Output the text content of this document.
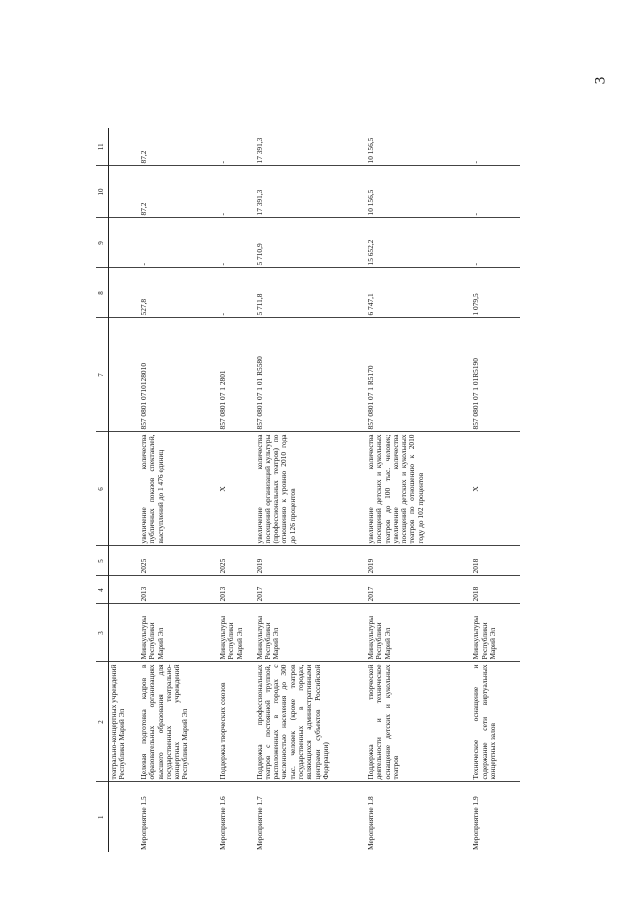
3
1	2	3	4	5	6	7	8	9	10	11
	театрально-концертных учреждений Республики Марий Эл									
Мероприятие 1.5	Целевая подготовка кадров в образовательных организациях высшего образования для государственных театрально-концертных учреждений Республики Марий Эл	Минкультуры Республики Марий Эл	2013	2025	увеличение количества публичных показов спектаклей, выступлений до 1 476 единиц	857 0801 0710128010	527,8	-	87,2	87,2
Мероприятие 1.6	Поддержка творческих союзов	Минкультуры Республики Марий Эл	2013	2025	X	857 0801 07 1 2801	-	-	-	-
Мероприятие 1.7	Поддержка профессиональных театров с постоянной труппой, расположенных в городах с численностью населения до 300 тыс. человек (кроме театров государственных в городах, являющихся административными центрами субъектов Российской Федерации)	Минкультуры Республики Марий Эл	2017	2019	увеличение количества посещений организаций культуры (профессиональных театров) по отношению к уровню 2010 года до 126 процентов	857 0801 07 1 01 R5580	5 711,8	5 710,9	17 391,3	17 391,3
Мероприятие 1.8	Поддержка творческой деятельности и техническое оснащение детских и кукольных театров	Минкультуры Республики Марий Эл	2017	2019	увеличение количества посещений детских и кукольных театров до 100 тыс. человек; увеличение количества посещений детских и кукольных театров по отношению к 2010 году до 102 процентов	857 0801 07 1 R5170	6 747,1	15 652,2	10 156,5	10 156,5
Мероприятие 1.9	Техническое оснащение и содержание сети виртуальных концертных залов	Минкультуры Республики Марий Эл	2018	2018	X	857 0801 07 1 01R5190	1 079,5	-	-	-
